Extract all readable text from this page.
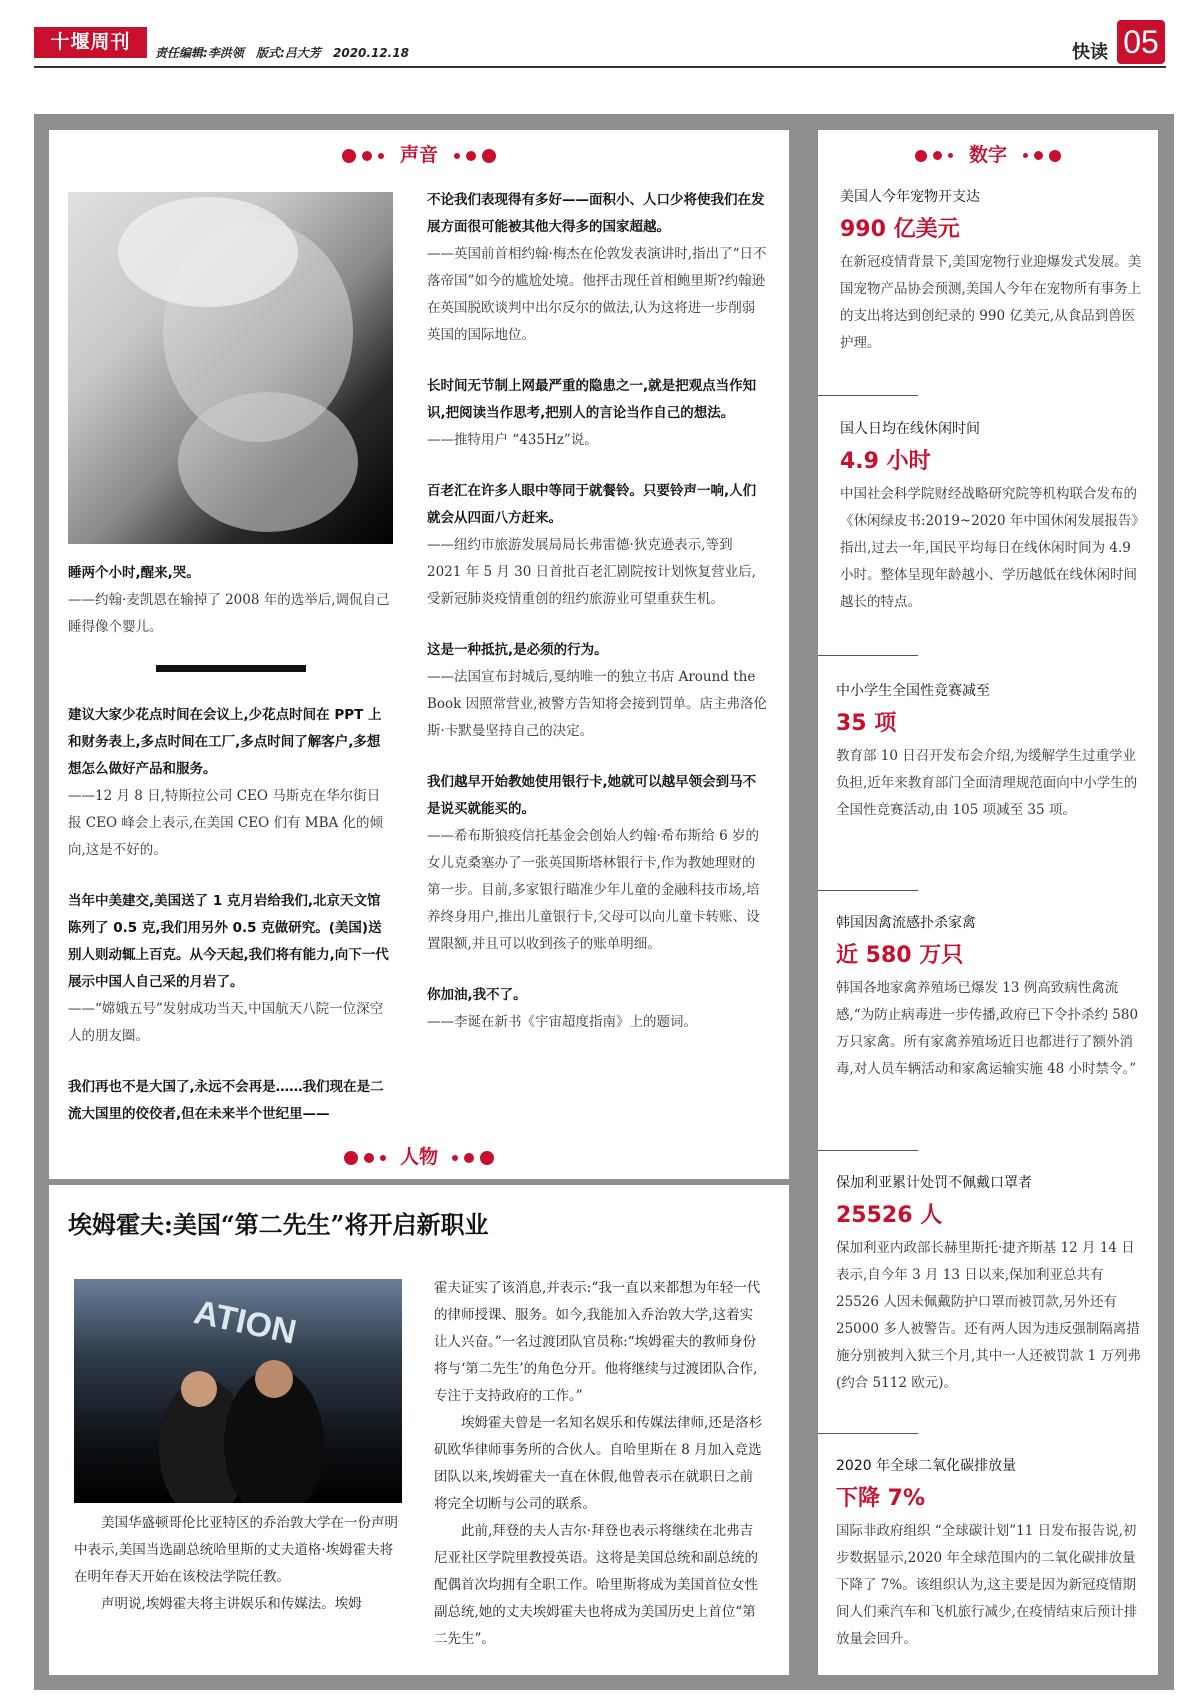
十堰周刊	责任编辑:李洪领 版式:吕大芳 2020.12.18	快读 05
声音
睡两个小时,醒来,哭。
——约翰·麦凯恩在输掉了 2008 年的选举后,调侃自己睡得像个婴儿。
建议大家少花点时间在会议上,少花点时间在 PPT 上和财务表上,多点时间在工厂,多点时间了解客户,多想想怎么做好产品和服务。
——12 月 8 日,特斯拉公司 CEO 马斯克在华尔街日报 CEO 峰会上表示,在美国 CEO 们有 MBA 化的倾向,这是不好的。
当年中美建交,美国送了 1 克月岩给我们,北京天文馆陈列了 0.5 克,我们用另外 0.5 克做研究。(美国)送别人则动辄上百克。从今天起,我们将有能力,向下一代展示中国人自己采的月岩了。
——“嫦娥五号”发射成功当天,中国航天八院一位深空人的朋友圈。
我们再也不是大国了,永远不会再是……我们现在是二流大国里的佼佼者,但在未来半个世纪里——
不论我们表现得有多好——面积小、人口少将使我们在发展方面很可能被其他大得多的国家超越。
——英国前首相约翰·梅杰在伦敦发表演讲时,指出了“日不落帝国”如今的尴尬处境。他抨击现任首相鲍里斯?约翰逊在英国脱欧谈判中出尔反尔的做法,认为这将进一步削弱英国的国际地位。
长时间无节制上网最严重的隐患之一,就是把观点当作知识,把阅读当作思考,把别人的言论当作自己的想法。
——推特用户 “435Hz”说。
百老汇在许多人眼中等同于就餐铃。只要铃声一响,人们就会从四面八方赶来。
——纽约市旅游发展局局长弗雷德·狄克逊表示,等到 2021 年 5 月 30 日首批百老汇剧院按计划恢复营业后,受新冠肺炎疫情重创的纽约旅游业可望重获生机。
这是一种抵抗,是必须的行为。
——法国宣布封城后,戛纳唯一的独立书店 Around the Book 因照常营业,被警方告知将会接到罚单。店主弗洛伦斯·卡默曼坚持自己的决定。
我们越早开始教她使用银行卡,她就可以越早领会到马不是说买就能买的。
——希布斯狼疫信托基金会创始人约翰·希布斯给 6 岁的女儿克桑塞办了一张英国斯塔林银行卡,作为教她理财的第一步。目前,多家银行瞄准少年儿童的金融科技市场,培养终身用户,推出儿童银行卡,父母可以向儿童卡转账、设置限额,并且可以收到孩子的账单明细。
你加油,我不了。
——李诞在新书《宇宙超度指南》上的题词。
人物
埃姆霍夫:美国“第二先生”将开启新职业
ATION
美国华盛顿哥伦比亚特区的乔治敦大学在一份声明中表示,美国当选副总统哈里斯的丈夫道格·埃姆霍夫将在明年春天开始在该校法学院任教。
声明说,埃姆霍夫将主讲娱乐和传媒法。埃姆
霍夫证实了该消息,并表示:“我一直以来都想为年轻一代的律师授课、服务。如今,我能加入乔治敦大学,这着实让人兴奋。”一名过渡团队官员称:“埃姆霍夫的教师身份将与‘第二先生’的角色分开。他将继续与过渡团队合作,专注于支持政府的工作。”
埃姆霍夫曾是一名知名娱乐和传媒法律师,还是洛杉矶欧华律师事务所的合伙人。自哈里斯在 8 月加入竞选团队以来,埃姆霍夫一直在休假,他曾表示在就职日之前将完全切断与公司的联系。
此前,拜登的夫人吉尔·拜登也表示将继续在北弗吉尼亚社区学院里教授英语。这将是美国总统和副总统的配偶首次均拥有全职工作。哈里斯将成为美国首位女性副总统,她的丈夫埃姆霍夫也将成为美国历史上首位“第二先生”。
数字
美国人今年宠物开支达
990 亿美元
在新冠疫情背景下,美国宠物行业迎爆发式发展。美国宠物产品协会预测,美国人今年在宠物所有事务上的支出将达到创纪录的 990 亿美元,从食品到兽医护理。
国人日均在线休闲时间
4.9 小时
中国社会科学院财经战略研究院等机构联合发布的《休闲绿皮书:2019~2020 年中国休闲发展报告》指出,过去一年,国民平均每日在线休闲时间为 4.9 小时。整体呈现年龄越小、学历越低在线休闲时间越长的特点。
中小学生全国性竞赛减至
35 项
教育部 10 日召开发布会介绍,为缓解学生过重学业负担,近年来教育部门全面清理规范面向中小学生的全国性竞赛活动,由 105 项减至 35 项。
韩国因禽流感扑杀家禽
近 580 万只
韩国各地家禽养殖场已爆发 13 例高致病性禽流感,“为防止病毒进一步传播,政府已下令扑杀约 580 万只家禽。所有家禽养殖场近日也都进行了额外消毒,对人员车辆活动和家禽运输实施 48 小时禁令。”
保加利亚累计处罚不佩戴口罩者
25526 人
保加利亚内政部长赫里斯托·捷齐斯基 12 月 14 日表示,自今年 3 月 13 日以来,保加利亚总共有 25526 人因未佩戴防护口罩而被罚款,另外还有 25000 多人被警告。还有两人因为违反强制隔离措施分别被判入狱三个月,其中一人还被罚款 1 万列弗(约合 5112 欧元)。
2020 年全球二氧化碳排放量
下降 7%
国际非政府组织 “全球碳计划”11 日发布报告说,初步数据显示,2020 年全球范围内的二氧化碳排放量下降了 7%。该组织认为,这主要是因为新冠疫情期间人们乘汽车和飞机旅行减少,在疫情结束后预计排放量会回升。
